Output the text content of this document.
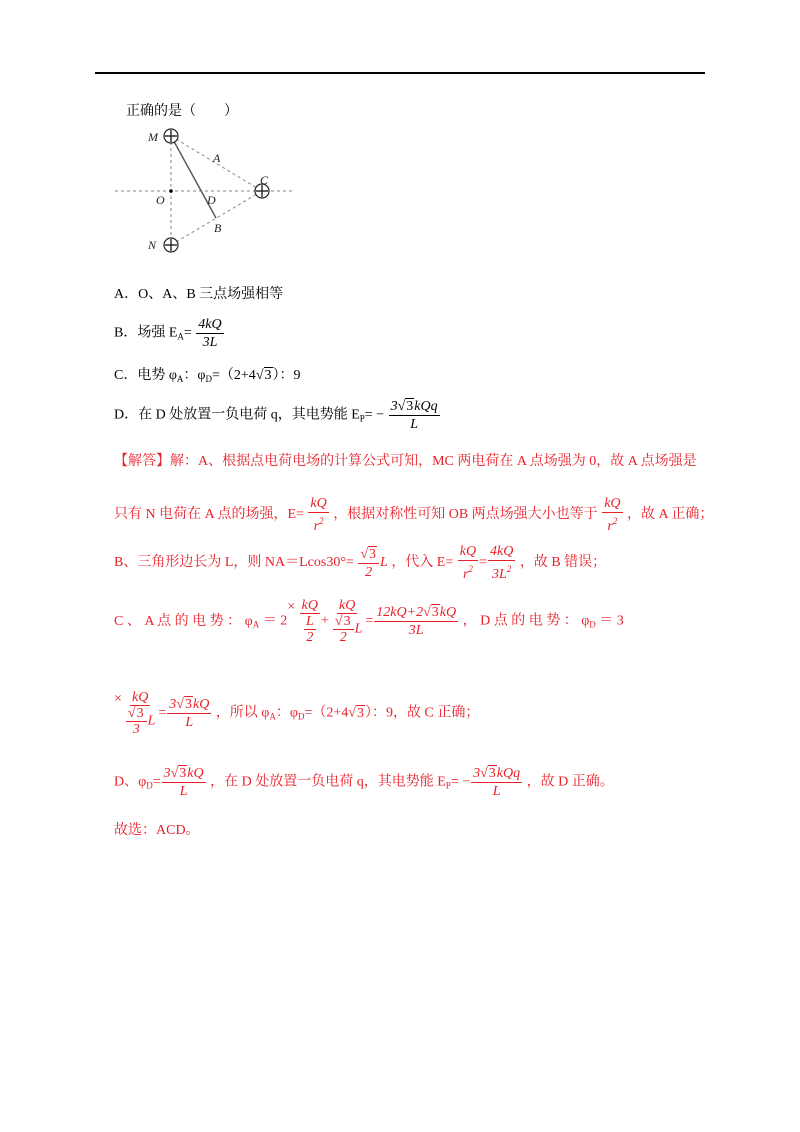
正确的是（　　）
M
N
C
O
A
B
D
A．O、A、B 三点场强相等
B．场强 $E_A= \frac{4kQ}{3L}$
C．电势 $\varphi_A$：$\varphi_D=(2+4√3)$：9
D．在 D 处放置一负电荷 q，其电势能 $E_P= - \frac{\text{3√3kQq}}{L}$
【解答】解：A、根据点电荷电场的计算公式可知，MC 两电荷在 A 点场强为 0，故 A 点场强是
只有 N 电荷在 A 点的场强，$E= \frac{kQ}{r^2}$ ，根据对称性可知 OB 两点场强大小也等于 $\frac{kQ}{r^2}$ ，故 A 正确；
B、三角形边长为 L，则 $NA=Lcos30^\circ= \frac{√3}{2}$ L ，代入 $E= \frac{kQ}{r^2} = \frac{4kQ}{3L^2}$ ，故 B 错误；
C 、 A 点 的 电 势 ： $\varphi_A = 2\times \frac{kQ}{\frac{L}{2}} + \frac{kQ}{\frac{√3}{2} L} = \frac{12kQ+2√3kQ}{3L}$ ， D 点 的 电 势 ： $\varphi_D = 3$
× $\frac{kQ}{\frac{√3}{3} L} = \frac{3√3kQ}{L}$ ，所以 $\varphi_A$：$\varphi_D=(2+4√3)$：9，故 C 正确；
D、$\varphi_D= \frac{3√3kQ}{L}$ ，在 D 处放置一负电荷 q，其电势能 $E_P= - \frac{\text{3√3kQq}}{L}$ ，故 D 正确。
故选：ACD。
